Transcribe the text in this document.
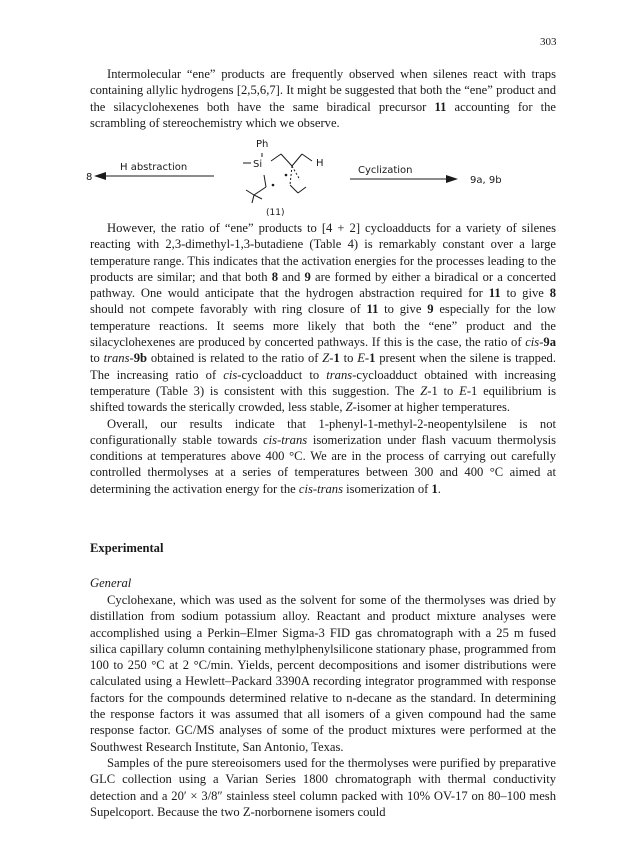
303

Intermolecular “ene” products are frequently observed when silenes react with traps containing allylic hydrogens [2,5,6,7]. It might be suggested that both the “ene” product and the silacyclohexenes both have the same biradical precursor 11 accounting for the scrambling of stereochemistry which we observe.

8
H abstraction
Ph
Si	H
(11)
Cyclization
9a, 9b

However, the ratio of “ene” products to [4 + 2] cycloadducts for a variety of silenes reacting with 2,3-dimethyl-1,3-butadiene (Table 4) is remarkably constant over a large temperature range. This indicates that the activation energies for the processes leading to the products are similar; and that both 8 and 9 are formed by either a biradical or a concerted pathway. One would anticipate that the hydrogen abstraction required for 11 to give 8 should not compete favorably with ring closure of 11 to give 9 especially for the low temperature reactions. It seems more likely that both the “ene” product and the silacyclohexenes are produced by concerted pathways. If this is the case, the ratio of cis-9a to trans-9b obtained is related to the ratio of Z-1 to E-1 present when the silene is trapped. The increasing ratio of cis-cycloadduct to trans-cycloadduct obtained with increasing temperature (Table 3) is consistent with this suggestion. The Z-1 to E-1 equilibrium is shifted towards the sterically crowded, less stable, Z-isomer at higher temperatures.

Overall, our results indicate that 1-phenyl-1-methyl-2-neopentylsilene is not configurationally stable towards cis-trans isomerization under flash vacuum thermolysis conditions at temperatures above 400 °C. We are in the process of carrying out carefully controlled thermolyses at a series of temperatures between 300 and 400 °C aimed at determining the activation energy for the cis-trans isomerization of 1.

Experimental
General

Cyclohexane, which was used as the solvent for some of the thermolyses was dried by distillation from sodium potassium alloy. Reactant and product mixture analyses were accomplished using a Perkin–Elmer Sigma-3 FID gas chromatograph with a 25 m fused silica capillary column containing methylphenylsilicone stationary phase, programmed from 100 to 250 °C at 2 °C/min. Yields, percent decompositions and isomer distributions were calculated using a Hewlett–Packard 3390A recording integrator programmed with response factors for the compounds determined relative to n-decane as the standard. In determining the response factors it was assumed that all isomers of a given compound had the same response factor. GC/MS analyses of some of the product mixtures were performed at the Southwest Research Institute, San Antonio, Texas.

Samples of the pure stereoisomers used for the thermolyses were purified by preparative GLC collection using a Varian Series 1800 chromatograph with thermal conductivity detection and a 20′ × 3/8″ stainless steel column packed with 10% OV-17 on 80–100 mesh Supelcoport. Because the two Z-norbornene isomers could
